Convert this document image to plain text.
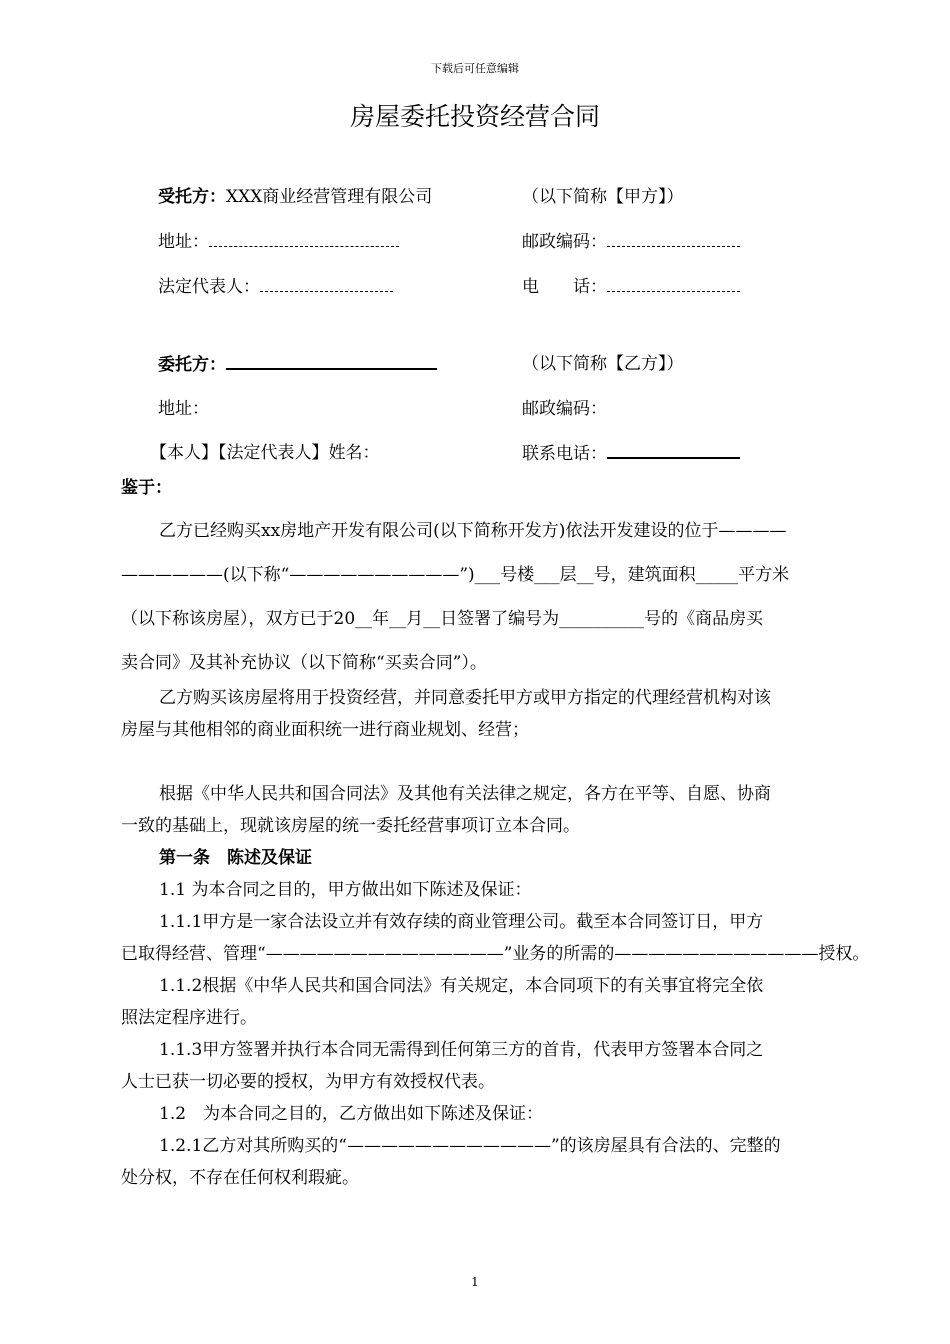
下载后可任意编辑
房屋委托投资经营合同
受托方：XXX商业经营管理有限公司	（以下简称【甲方】）
地址：	邮政编码：
法定代表人：	电　　话：
委托方：	（以下简称【乙方】）
地址：	邮政编码：
【本人】【法定代表人】姓名：	联系电话：
鉴于：
乙方已经购买xx房地产开发有限公司(以下简称开发方)依法开发建设的位于————
——————(以下称“——————————”)___号楼___层__号，建筑面积_____平方米
（以下称该房屋），双方已于20__年__月__日签署了编号为__________号的《商品房买
卖合同》及其补充协议（以下简称“买卖合同”）。
乙方购买该房屋将用于投资经营，并同意委托甲方或甲方指定的代理经营机构对该
房屋与其他相邻的商业面积统一进行商业规划、经营；
根据《中华人民共和国合同法》及其他有关法律之规定，各方在平等、自愿、协商
一致的基础上，现就该房屋的统一委托经营事项订立本合同。
第一条　陈述及保证
1.1 为本合同之目的，甲方做出如下陈述及保证：
1.1.1甲方是一家合法设立并有效存续的商业管理公司。截至本合同签订日，甲方
已取得经营、管理“——————————————”业务的所需的————————————授权。
1.1.2根据《中华人民共和国合同法》有关规定，本合同项下的有关事宜将完全依
照法定程序进行。
1.1.3甲方签署并执行本合同无需得到任何第三方的首肯，代表甲方签署本合同之
人士已获一切必要的授权，为甲方有效授权代表。
1.2　为本合同之目的，乙方做出如下陈述及保证：
1.2.1乙方对其所购买的“————————————”的该房屋具有合法的、完整的
处分权，不存在任何权利瑕疵。
1
